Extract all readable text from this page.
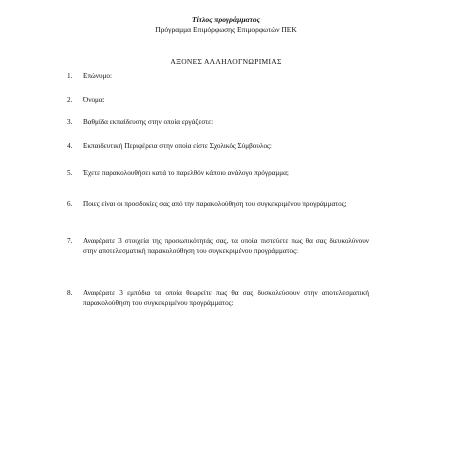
Τίτλος προγράμματος
Πρόγραμμα Επιμόρφωσης Επιμορφωτών ΠΕΚ
ΑΞΟΝΕΣ ΑΛΛΗΛΟΓΝΩΡΙΜΙΑΣ
1. Επώνυμο:
2. Όνομα:
3. Βαθμίδα εκπαίδευσης στην οποία εργάζεστε:
4. Εκπαιδευτική Περιφέρεια στην οποία είστε Σχολικός Σύμβουλος:
5. Έχετε παρακολουθήσει κατά το παρελθόν κάποιο ανάλογο πρόγραμμα;
6. Ποιες είναι οι προσδοκίες σας από την παρακολούθηση του συγκεκριμένου προγράμματος;
7. Αναφέρατε 3 στοιχεία της προσωπικότητάς σας, τα οποία πιστεύετε πως θα σας διευκολύνουν στην αποτελεσματική παρακολούθηση του συγκεκριμένου προγράμματος:
8. Αναφέρατε 3 εμπόδια τα οποία θεωρείτε πως θα σας δυσκολεύσουν στην αποτελεσματική παρακολούθηση του συγκεκριμένου προγράμματος:
